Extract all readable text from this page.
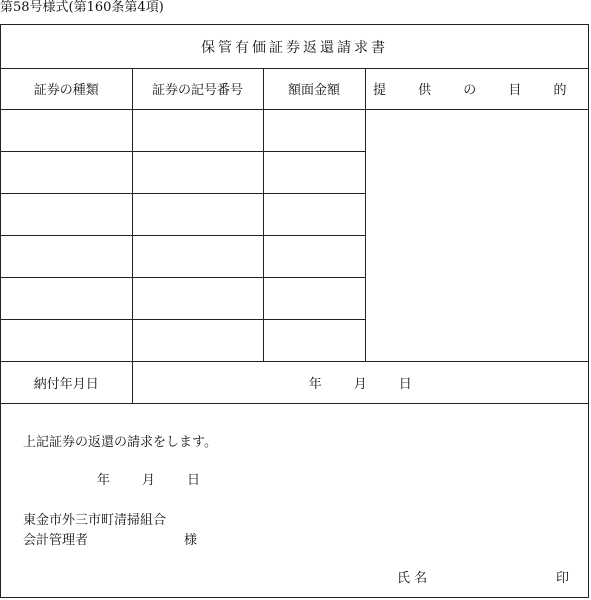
第58号様式(第160条第4項)
保管有価証券返還請求書
証券の種類	証券の記号番号	額面金額	提 供 の 目 的

納付年月日	年 月 日		
上記証券の返還の請求をします。
年 月 日
東金市外三市町清掃組合
会計管理者	様
氏 名	印
